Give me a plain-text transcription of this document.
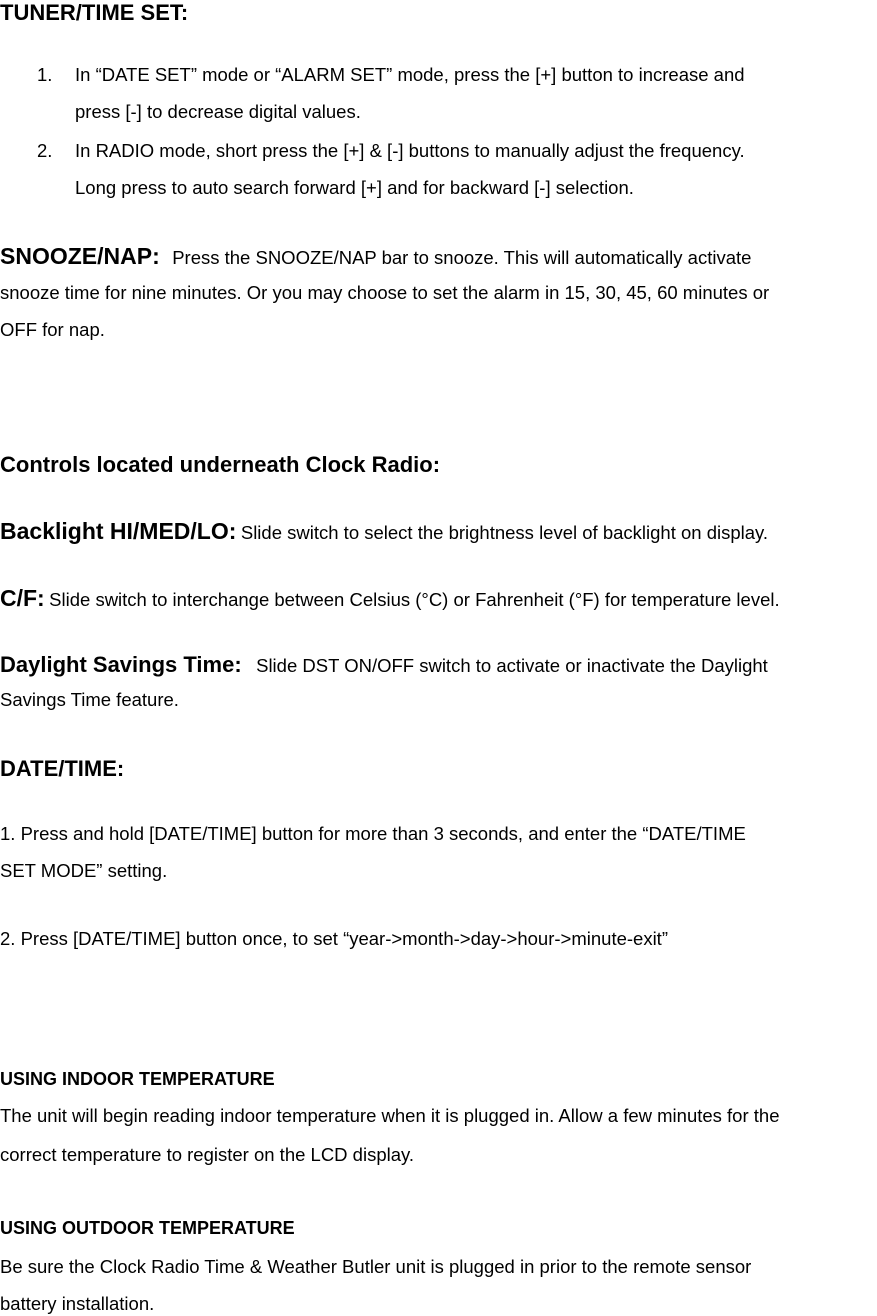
TUNER/TIME SET:
1. In “DATE SET” mode or “ALARM SET” mode, press the [+] button to increase and
press [-] to decrease digital values.
2. In RADIO mode, short press the [+] & [-] buttons to manually adjust the frequency.
Long press to auto search forward [+] and for backward [-] selection.
SNOOZE/NAP: Press the SNOOZE/NAP bar to snooze. This will automatically activate
snooze time for nine minutes. Or you may choose to set the alarm in 15, 30, 45, 60 minutes or
OFF for nap.
Controls located underneath Clock Radio:
Backlight HI/MED/LO: Slide switch to select the brightness level of backlight on display.
C/F: Slide switch to interchange between Celsius (°C) or Fahrenheit (°F) for temperature level.
Daylight Savings Time: Slide DST ON/OFF switch to activate or inactivate the Daylight
Savings Time feature.
DATE/TIME:
1. Press and hold [DATE/TIME] button for more than 3 seconds, and enter the “DATE/TIME
SET MODE” setting.
2. Press [DATE/TIME] button once, to set “year->month->day->hour->minute-exit”
USING INDOOR TEMPERATURE
The unit will begin reading indoor temperature when it is plugged in. Allow a few minutes for the
correct temperature to register on the LCD display.
USING OUTDOOR TEMPERATURE
Be sure the Clock Radio Time & Weather Butler unit is plugged in prior to the remote sensor
battery installation.
